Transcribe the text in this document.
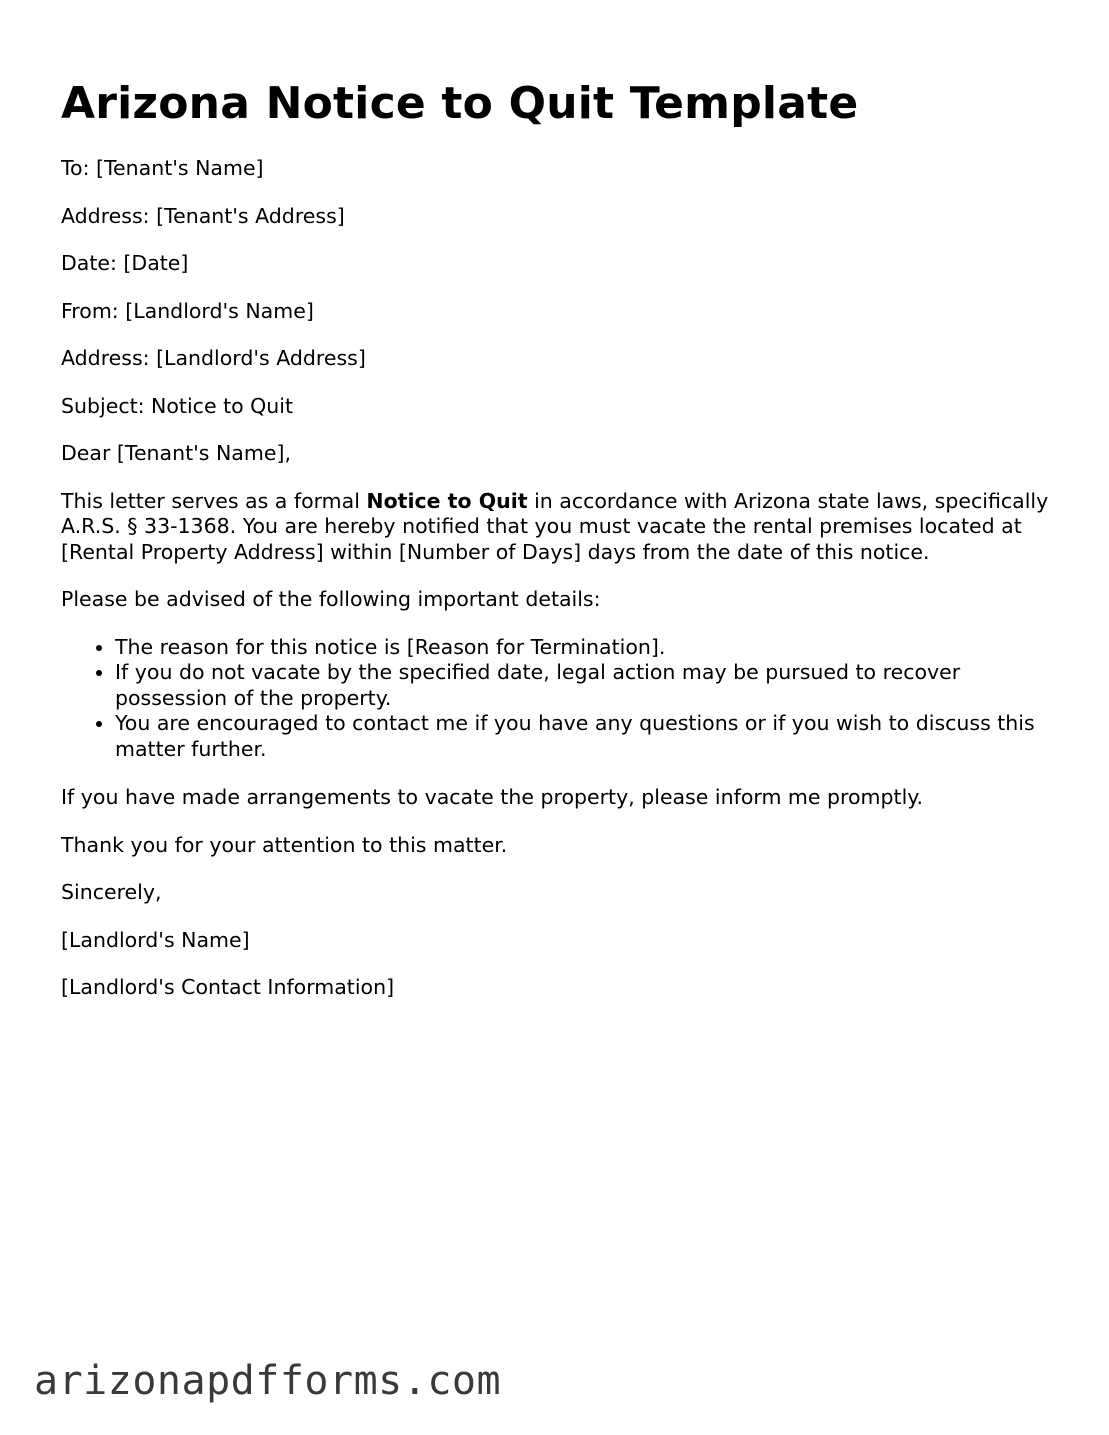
Arizona Notice to Quit Template

To: [Tenant's Name]

Address: [Tenant's Address]

Date: [Date]

From: [Landlord's Name]

Address: [Landlord's Address]

Subject: Notice to Quit

Dear [Tenant's Name],

This letter serves as a formal Notice to Quit in accordance with Arizona state laws, specifically A.R.S. § 33-1368. You are hereby notified that you must vacate the rental premises located at [Rental Property Address] within [Number of Days] days from the date of this notice.

Please be advised of the following important details:

• The reason for this notice is [Reason for Termination].
• If you do not vacate by the specified date, legal action may be pursued to recover possession of the property.
• You are encouraged to contact me if you have any questions or if you wish to discuss this matter further.

If you have made arrangements to vacate the property, please inform me promptly.

Thank you for your attention to this matter.

Sincerely,

[Landlord's Name]

[Landlord's Contact Information]

arizonapdfforms.com
